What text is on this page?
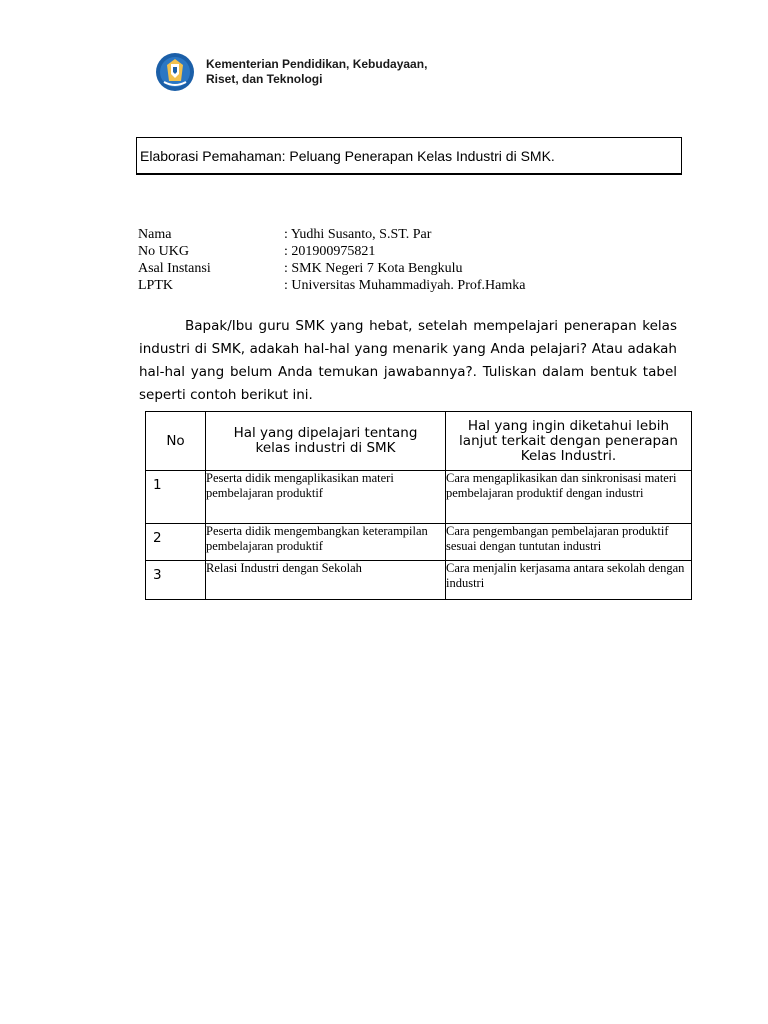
Kementerian Pendidikan, Kebudayaan,
Riset, dan Teknologi
Elaborasi Pemahaman: Peluang Penerapan Kelas Industri di SMK.
Nama	: Yudhi Susanto, S.ST. Par
No UKG	: 201900975821
Asal Instansi	: SMK Negeri 7 Kota Bengkulu
LPTK	: Universitas Muhammadiyah. Prof.Hamka
Bapak/Ibu guru SMK yang hebat, setelah mempelajari penerapan kelas industri di SMK, adakah hal-hal yang menarik yang Anda pelajari? Atau adakah hal-hal yang belum Anda temukan jawabannya?. Tuliskan dalam bentuk tabel seperti contoh berikut ini.
No	Hal yang dipelajari tentang kelas industri di SMK	Hal yang ingin diketahui lebih lanjut terkait dengan penerapan Kelas Industri.
1	Peserta didik mengaplikasikan materi pembelajaran produktif	Cara mengaplikasikan dan sinkronisasi materi pembelajaran produktif dengan industri
2	Peserta didik mengembangkan keterampilan pembelajaran produktif	Cara pengembangan pembelajaran produktif sesuai dengan tuntutan industri
3	Relasi Industri dengan Sekolah	Cara menjalin kerjasama antara sekolah dengan industri
